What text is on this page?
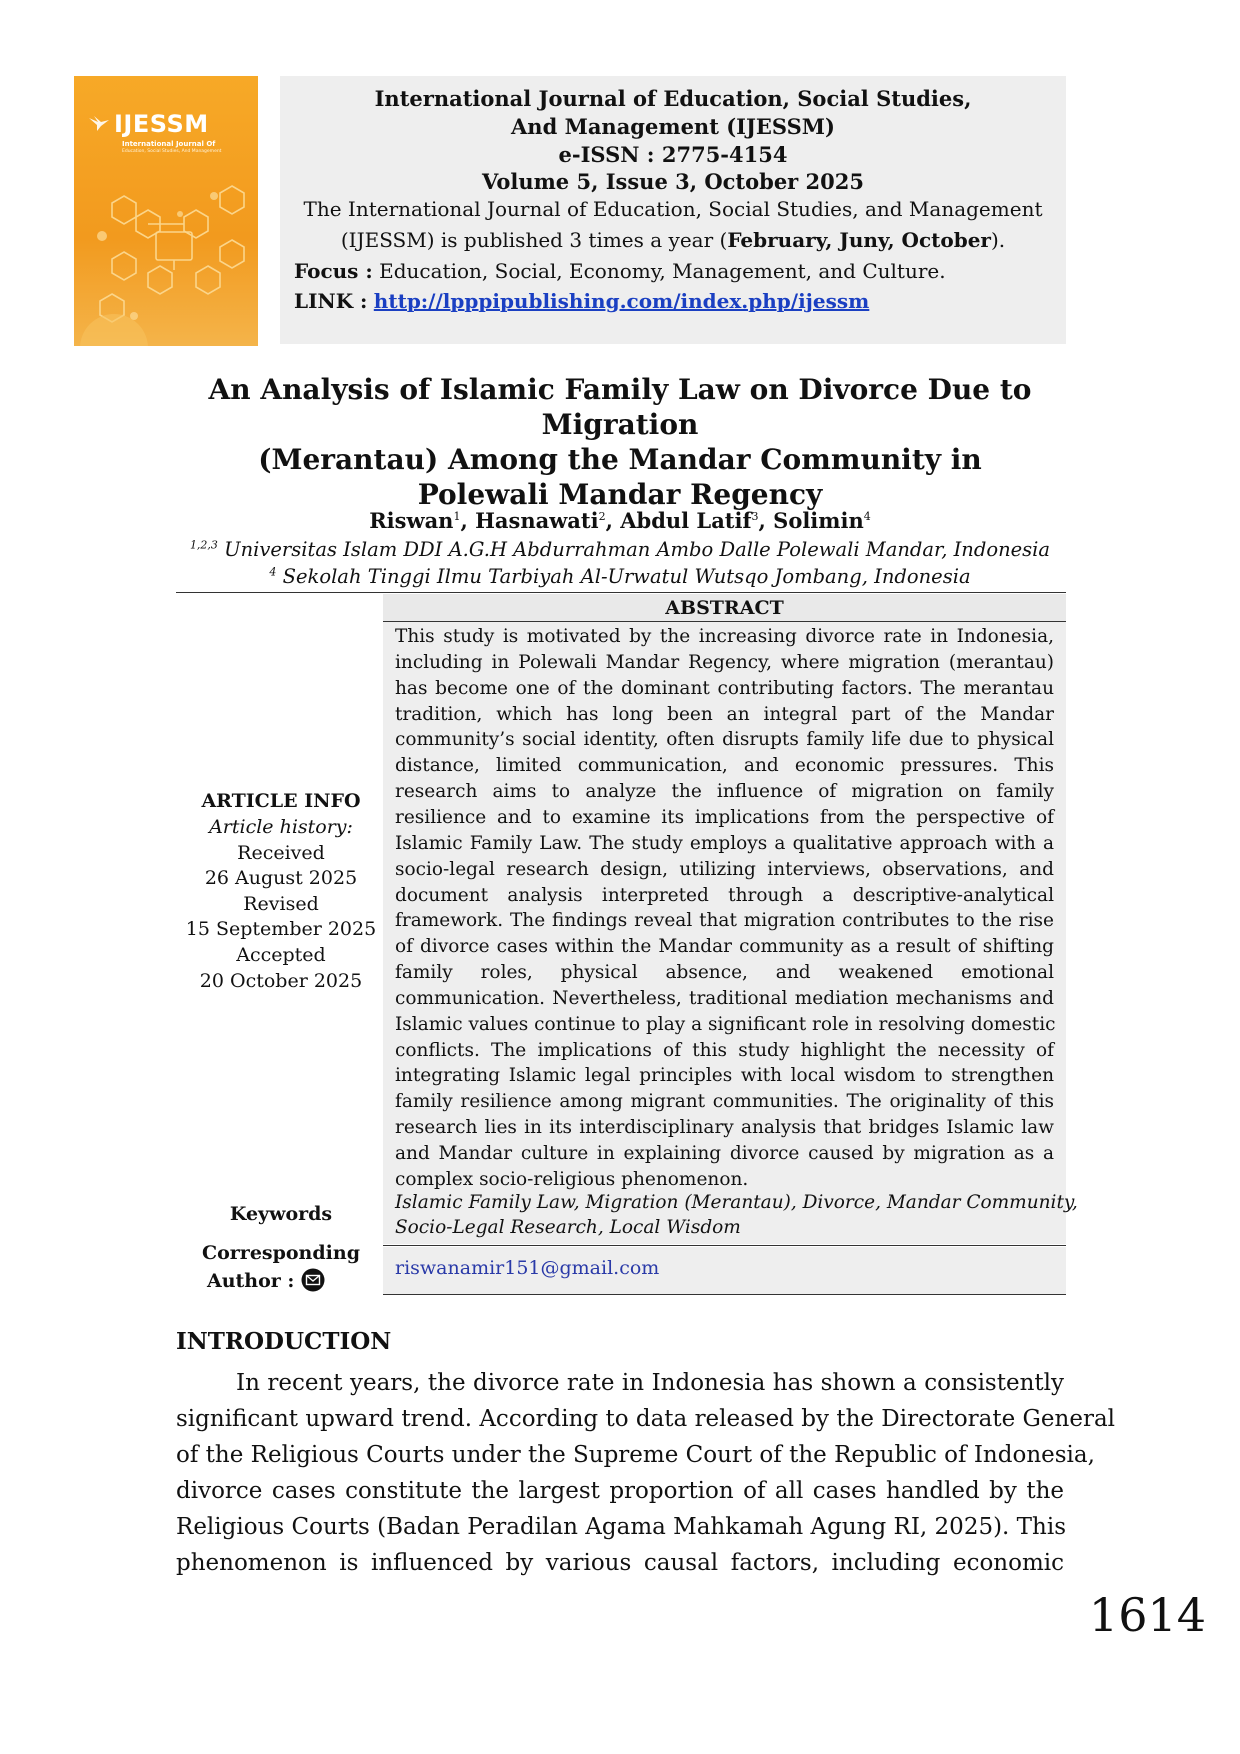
IJESSM
International Journal Of
Education, Social Studies, And Management
International Journal of Education, Social Studies,
And Management (IJESSM)
e-ISSN : 2775-4154
Volume 5, Issue 3, October 2025
The International Journal of Education, Social Studies, and Management
(IJESSM) is published 3 times a year (February, Juny, October).
Focus : Education, Social, Economy, Management, and Culture.
LINK : http://lpppipublishing.com/index.php/ijessm
An Analysis of Islamic Family Law on Divorce Due to Migration
(Merantau) Among the Mandar Community in
Polewali Mandar Regency
Riswan$^1$, Hasnawati$^2$, Abdul Latif$^3$, Solimin$^4$
$^{1,2,3}$ Universitas Islam DDI A.G.H Abdurrahman Ambo Dalle Polewali Mandar, Indonesia
$^4$ Sekolah Tinggi Ilmu Tarbiyah Al-Urwatul Wutsqo Jombang, Indonesia
ABSTRACT
This study is motivated by the increasing divorce rate in Indonesia,
including in Polewali Mandar Regency, where migration (merantau)
has become one of the dominant contributing factors. The merantau
tradition, which has long been an integral part of the Mandar
community’s social identity, often disrupts family life due to physical
distance, limited communication, and economic pressures. This
research aims to analyze the influence of migration on family
resilience and to examine its implications from the perspective of
Islamic Family Law. The study employs a qualitative approach with a
socio-legal research design, utilizing interviews, observations, and
document analysis interpreted through a descriptive-analytical
framework. The findings reveal that migration contributes to the rise
of divorce cases within the Mandar community as a result of shifting
family roles, physical absence, and weakened emotional
communication. Nevertheless, traditional mediation mechanisms and
Islamic values continue to play a significant role in resolving domestic
conflicts. The implications of this study highlight the necessity of
integrating Islamic legal principles with local wisdom to strengthen
family resilience among migrant communities. The originality of this
research lies in its interdisciplinary analysis that bridges Islamic law
and Mandar culture in explaining divorce caused by migration as a
complex socio-religious phenomenon.
Islamic Family Law, Migration (Merantau), Divorce, Mandar Community,
Socio-Legal Research, Local Wisdom
riswanamir151@gmail.com
ARTICLE INFO
Article history:
Received
26 August 2025
Revised
15 September 2025
Accepted
20 October 2025
Keywords
Corresponding
Author :
INTRODUCTION
In recent years, the divorce rate in Indonesia has shown a consistently
significant upward trend. According to data released by the Directorate General
of the Religious Courts under the Supreme Court of the Republic of Indonesia,
divorce cases constitute the largest proportion of all cases handled by the
Religious Courts (Badan Peradilan Agama Mahkamah Agung RI, 2025). This
phenomenon is influenced by various causal factors, including economic
1614
